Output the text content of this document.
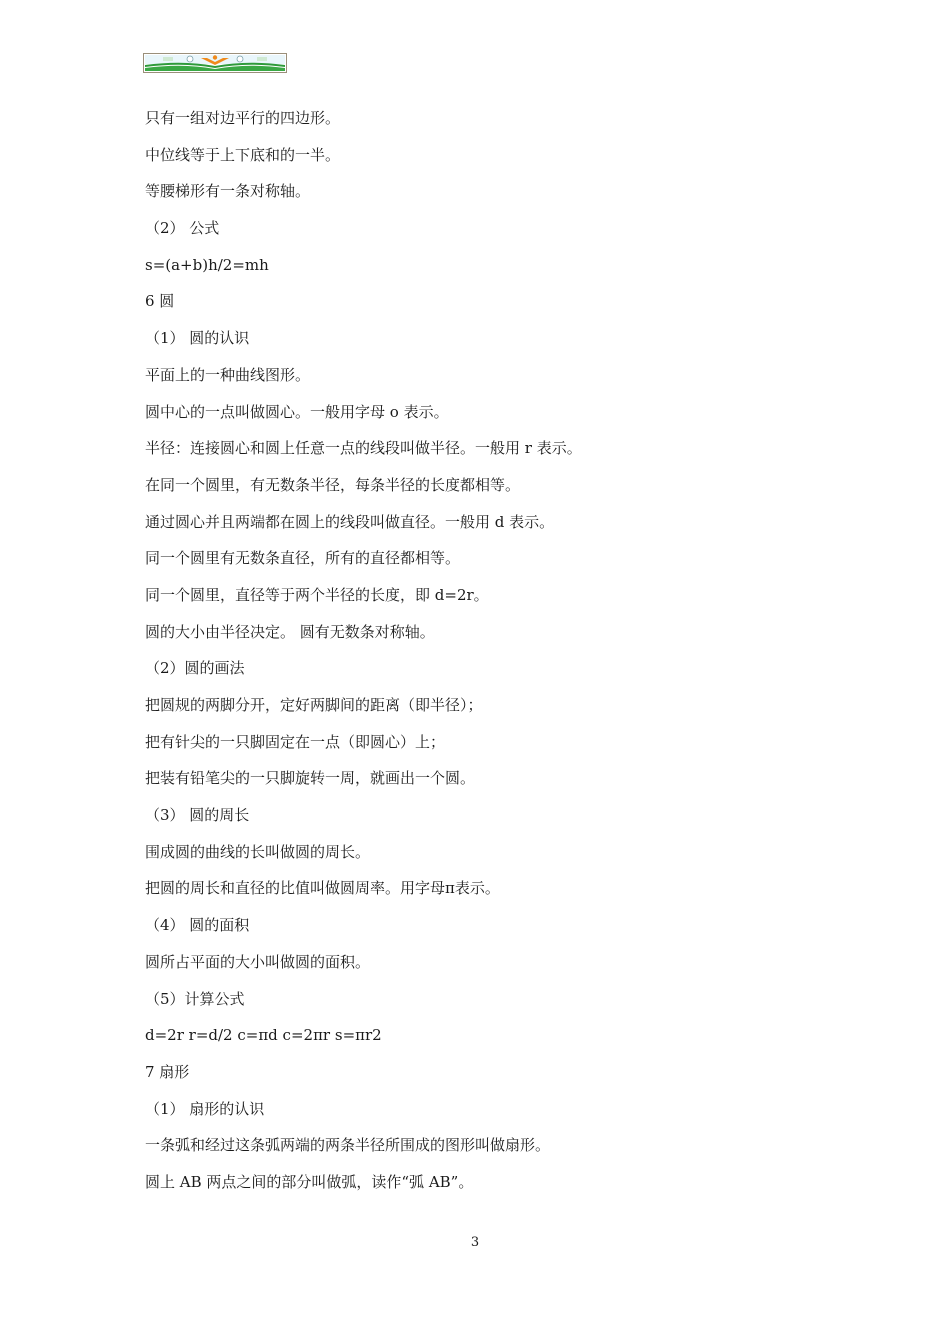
只有一组对边平行的四边形。
中位线等于上下底和的一半。
等腰梯形有一条对称轴。
（2） 公式
s=(a+b)h/2=mh
6 圆
（1） 圆的认识
平面上的一种曲线图形。
圆中心的一点叫做圆心。一般用字母 o 表示。
半径：连接圆心和圆上任意一点的线段叫做半径。一般用 r 表示。
在同一个圆里，有无数条半径，每条半径的长度都相等。
通过圆心并且两端都在圆上的线段叫做直径。一般用 d 表示。
同一个圆里有无数条直径，所有的直径都相等。
同一个圆里，直径等于两个半径的长度，即 d=2r。
圆的大小由半径决定。 圆有无数条对称轴。
（2）圆的画法
把圆规的两脚分开，定好两脚间的距离（即半径）；
把有针尖的一只脚固定在一点（即圆心）上；
把装有铅笔尖的一只脚旋转一周，就画出一个圆。
（3） 圆的周长
围成圆的曲线的长叫做圆的周长。
把圆的周长和直径的比值叫做圆周率。用字母π表示。
（4） 圆的面积
圆所占平面的大小叫做圆的面积。
（5）计算公式
d=2r r=d/2 c=πd c=2πr s=πr2
7 扇形
（1） 扇形的认识
一条弧和经过这条弧两端的两条半径所围成的图形叫做扇形。
圆上 AB 两点之间的部分叫做弧，读作“弧 AB”。
3
